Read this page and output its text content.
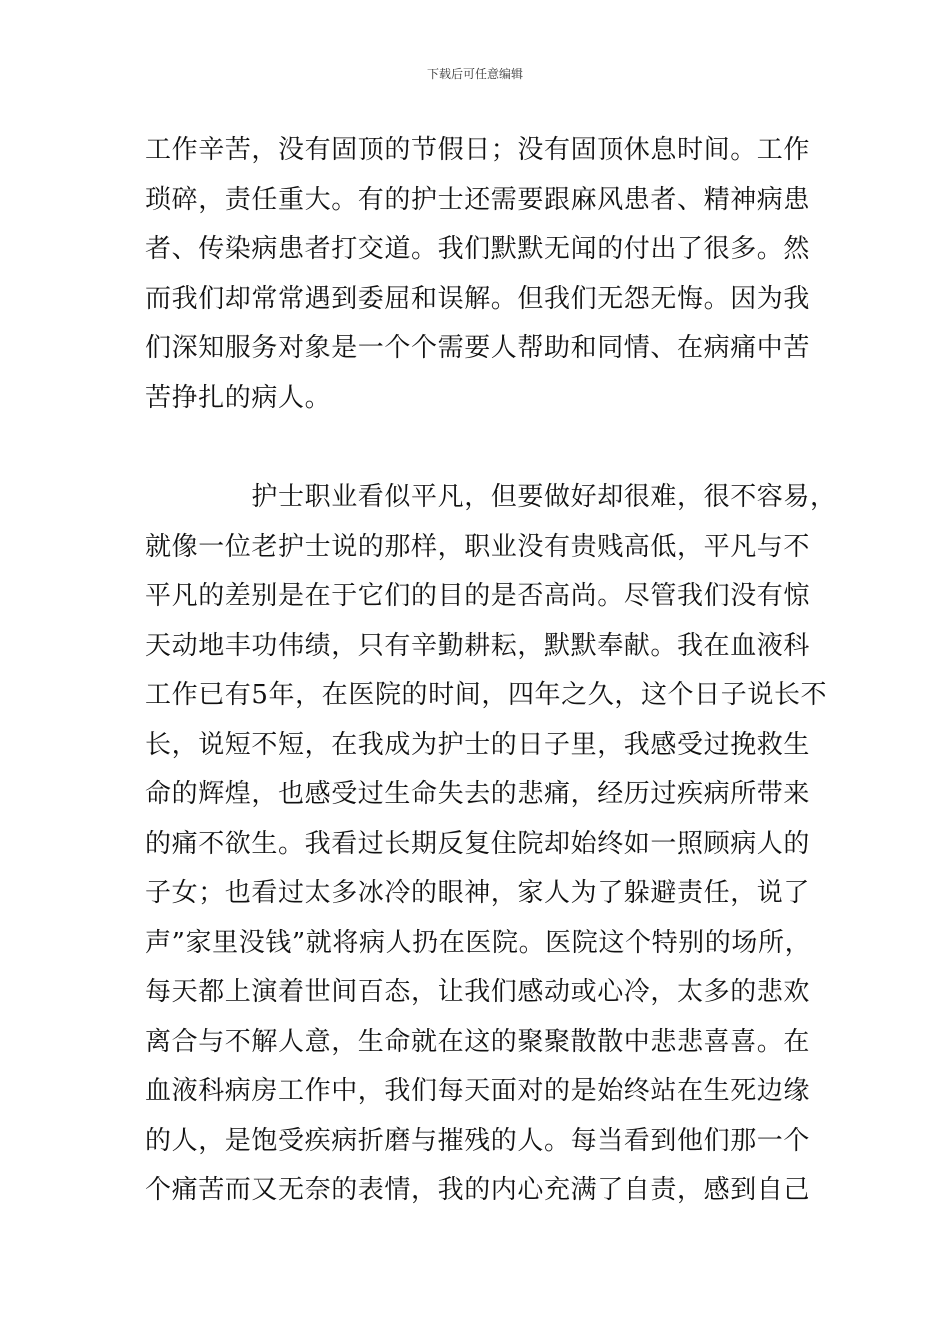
下载后可任意编辑
工作辛苦，没有固顶的节假日；没有固顶休息时间。工作
琐碎，责任重大。有的护士还需要跟麻风患者、精神病患
者、传染病患者打交道。我们默默无闻的付出了很多。然
而我们却常常遇到委屈和误解。但我们无怨无悔。因为我
们深知服务对象是一个个需要人帮助和同情、在病痛中苦
苦挣扎的病人。
　　　　护士职业看似平凡，但要做好却很难，很不容易，
就像一位老护士说的那样，职业没有贵贱高低，平凡与不
平凡的差别是在于它们的目的是否高尚。尽管我们没有惊
天动地丰功伟绩，只有辛勤耕耘，默默奉献。我在血液科
工作已有5年，在医院的时间，四年之久，这个日子说长不
长，说短不短，在我成为护士的日子里，我感受过挽救生
命的辉煌，也感受过生命失去的悲痛，经历过疾病所带来
的痛不欲生。我看过长期反复住院却始终如一照顾病人的
子女；也看过太多冰冷的眼神，家人为了躲避责任，说了
声”家里没钱”就将病人扔在医院。医院这个特别的场所，
每天都上演着世间百态，让我们感动或心冷，太多的悲欢
离合与不解人意，生命就在这的聚聚散散中悲悲喜喜。在
血液科病房工作中，我们每天面对的是始终站在生死边缘
的人，是饱受疾病折磨与摧残的人。每当看到他们那一个
个痛苦而又无奈的表情，我的内心充满了自责，感到自己
